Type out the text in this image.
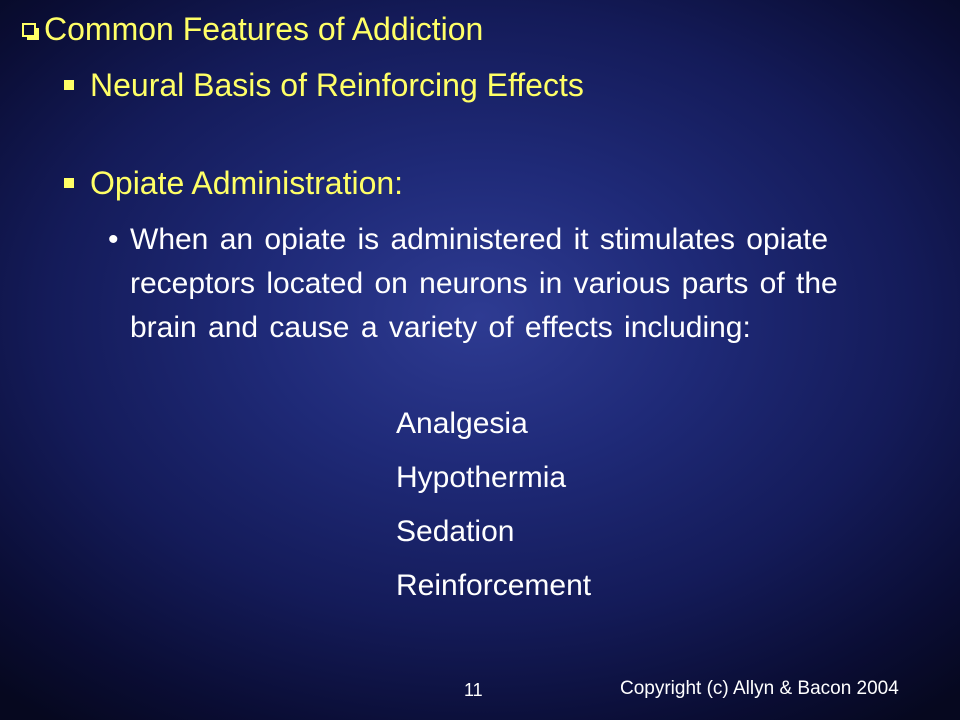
Common Features of Addiction
Neural Basis of Reinforcing Effects
Opiate Administration:
• When an opiate is administered it stimulates opiate receptors located on neurons in various parts of the brain and cause a variety of effects including:
Analgesia
Hypothermia
Sedation
Reinforcement
11	Copyright (c) Allyn & Bacon 2004
